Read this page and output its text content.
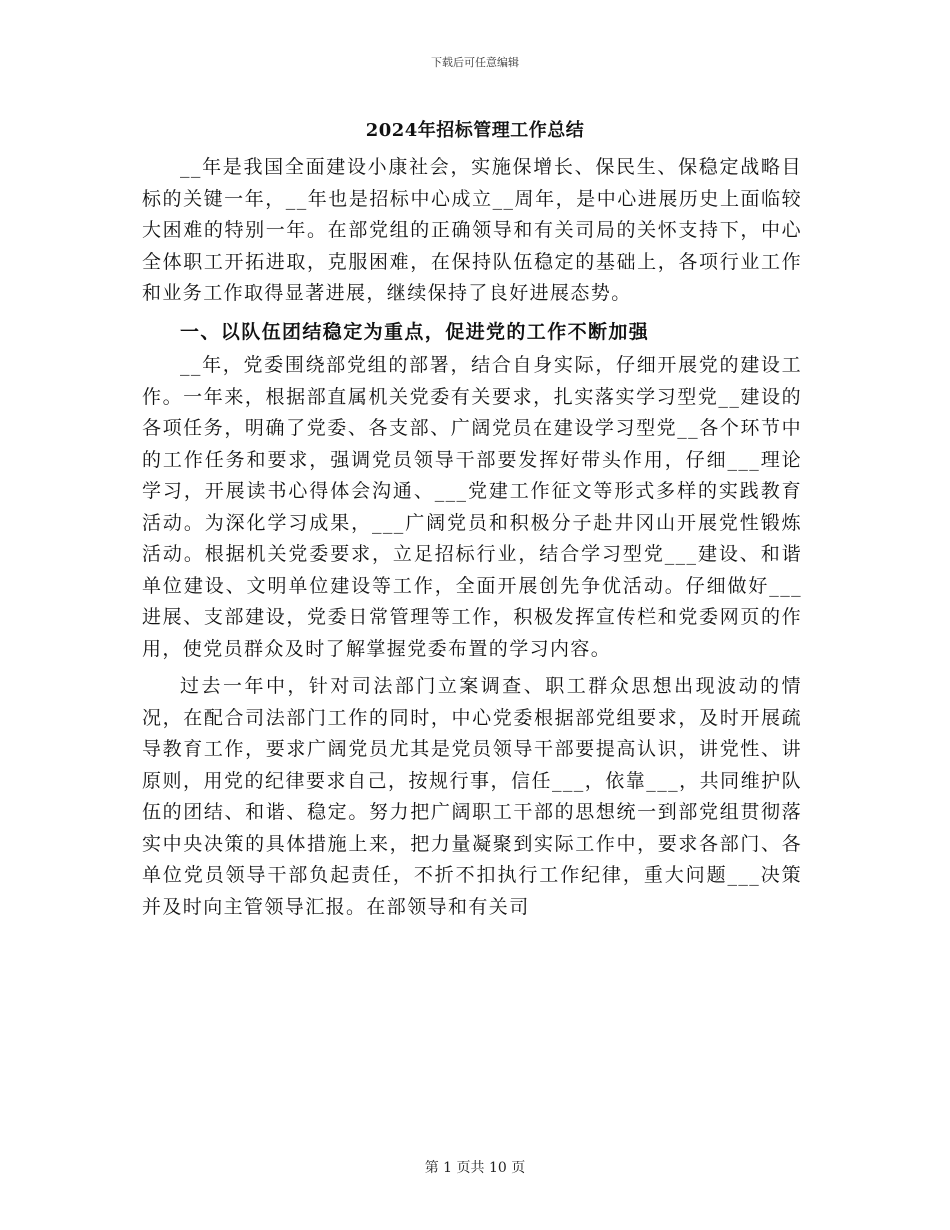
下载后可任意编辑
2024年招标管理工作总结

__年是我国全面建设小康社会，实施保增长、保民生、保稳定战略目标的关键一年，__年也是招标中心成立__周年，是中心进展历史上面临较大困难的特别一年。在部党组的正确领导和有关司局的关怀支持下，中心全体职工开拓进取，克服困难，在保持队伍稳定的基础上，各项行业工作和业务工作取得显著进展，继续保持了良好进展态势。

一、以队伍团结稳定为重点，促进党的工作不断加强

__年，党委围绕部党组的部署，结合自身实际，仔细开展党的建设工作。一年来，根据部直属机关党委有关要求，扎实落实学习型党__建设的各项任务，明确了党委、各支部、广阔党员在建设学习型党__各个环节中的工作任务和要求，强调党员领导干部要发挥好带头作用，仔细___理论学习，开展读书心得体会沟通、___党建工作征文等形式多样的实践教育活动。为深化学习成果，___广阔党员和积极分子赴井冈山开展党性锻炼活动。根据机关党委要求，立足招标行业，结合学习型党___建设、和谐单位建设、文明单位建设等工作，全面开展创先争优活动。仔细做好___进展、支部建设，党委日常管理等工作，积极发挥宣传栏和党委网页的作用，使党员群众及时了解掌握党委布置的学习内容。

过去一年中，针对司法部门立案调查、职工群众思想出现波动的情况，在配合司法部门工作的同时，中心党委根据部党组要求，及时开展疏导教育工作，要求广阔党员尤其是党员领导干部要提高认识，讲党性、讲原则，用党的纪律要求自己，按规行事，信任___，依靠___，共同维护队伍的团结、和谐、稳定。努力把广阔职工干部的思想统一到部党组贯彻落实中央决策的具体措施上来，把力量凝聚到实际工作中，要求各部门、各单位党员领导干部负起责任，不折不扣执行工作纪律，重大问题___决策并及时向主管领导汇报。在部领导和有关司

第 1 页共 10 页
